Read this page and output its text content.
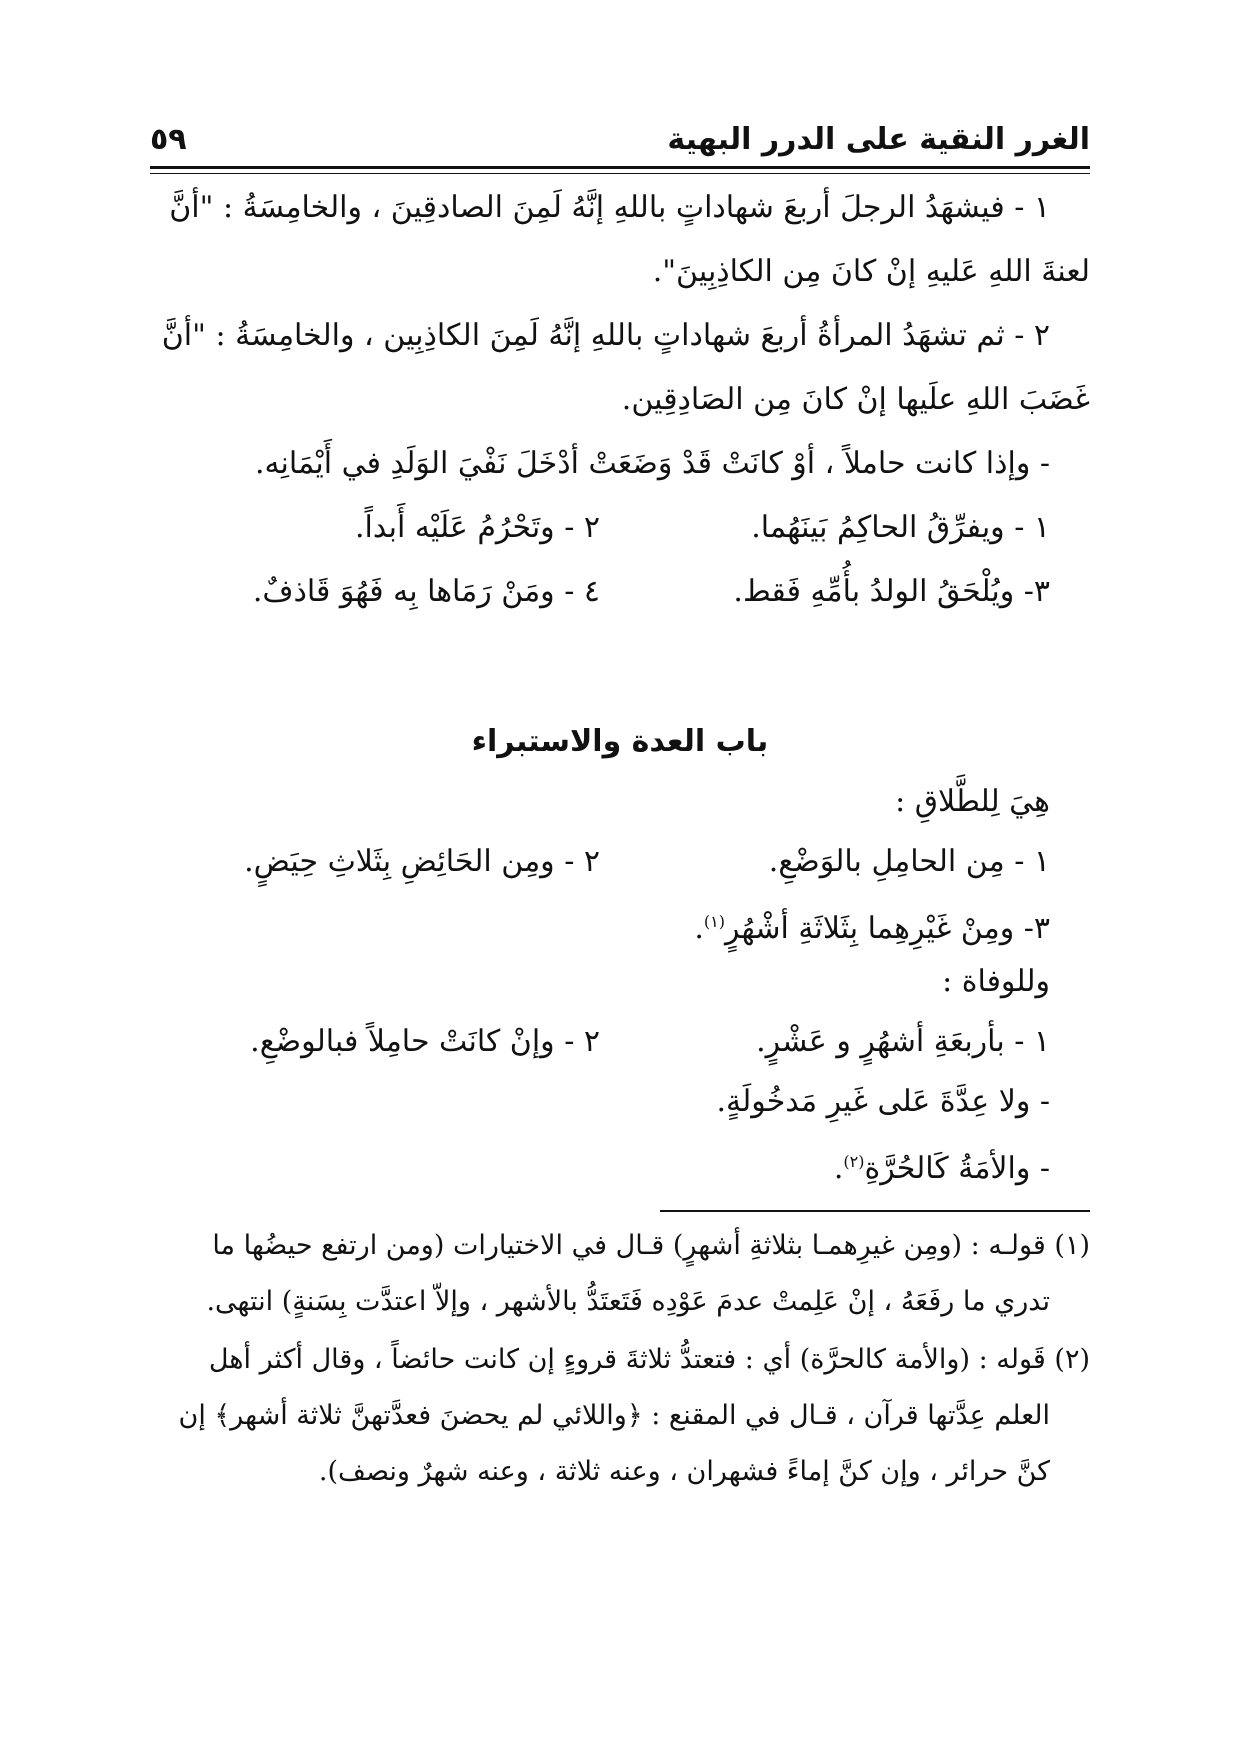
الغرر النقية على الدرر البهية
٥٩
١ - فيشهَدُ الرجلَ أربعَ شهاداتٍ باللهِ إنَّهُ لَمِنَ الصادقِينَ ، والخامِسَةُ : "أنَّ
لعنةَ اللهِ عَليهِ إنْ كانَ مِن الكاذِبِينَ".
٢ - ثم تشهَدُ المرأةُ أربعَ شهاداتٍ باللهِ إنَّهُ لَمِنَ الكاذِبِين ، والخامِسَةُ : "أنَّ
غَضَبَ اللهِ علَيها إنْ كانَ مِن الصَادِقِين.
- وإذا كانت حاملاً ، أوْ كانَتْ قَدْ وَضَعَتْ أدْخَلَ نَفْيَ الوَلَدِ في أَيْمَانِه.
١ - ويفرِّقُ الحاكِمُ بَينَهُما.
٢ - وتَحْرُمُ عَلَيْه أَبداً.
٣- ويُلْحَقُ الولدُ بأُمِّهِ فَقط.
٤ - ومَنْ رَمَاها بِه فَهُوَ قَاذفٌ.
باب العدة والاستبراء
هِيَ لِلطَّلاقِ :
١ - مِن الحامِلِ بالوَضْعِ.
٢ - ومِن الحَائِضِ بِثَلاثِ حِيَضٍ.
٣- ومِنْ غَيْرِهِما بِثَلاثَةِ أشْهُرٍ$^{(١)}$.
وللوفاة :
١ - بأربعَةِ أشهُرٍ و عَشْرٍ.
٢ - وإنْ كانَتْ حامِلاً فبالوضْعِ.
- ولا عِدَّةَ عَلى غَيرِ مَدخُولَةٍ.
- والأمَةُ كَالحُرَّةِ$^{(٢)}$.
(١) قولـه : (ومِن غيرِهمـا بثلاثةِ أشهرٍ) قـال في الاختيارات (ومن ارتفع حيضُها ما
تدري ما رفَعَهُ ، إنْ عَلِمتْ عدمَ عَوْدِه فَتَعتَدُّ بالأشهر ، وإلاّ اعتدَّت بِسَنةٍ) انتهى.
(٢) قَوله : (والأمة كالحرَّة) أي : فتعتدُّ ثلاثةَ قروءٍ إن كانت حائضاً ، وقال أكثر أهل
العلم عِدَّتها قرآن ، قـال في المقنع : ﴿واللائي لم يحضنَ فعدَّتهنَّ ثلاثة أشهر﴾ إن
كنَّ حرائر ، وإن كنَّ إماءً فشهران ، وعنه ثلاثة ، وعنه شهرٌ ونصف).
